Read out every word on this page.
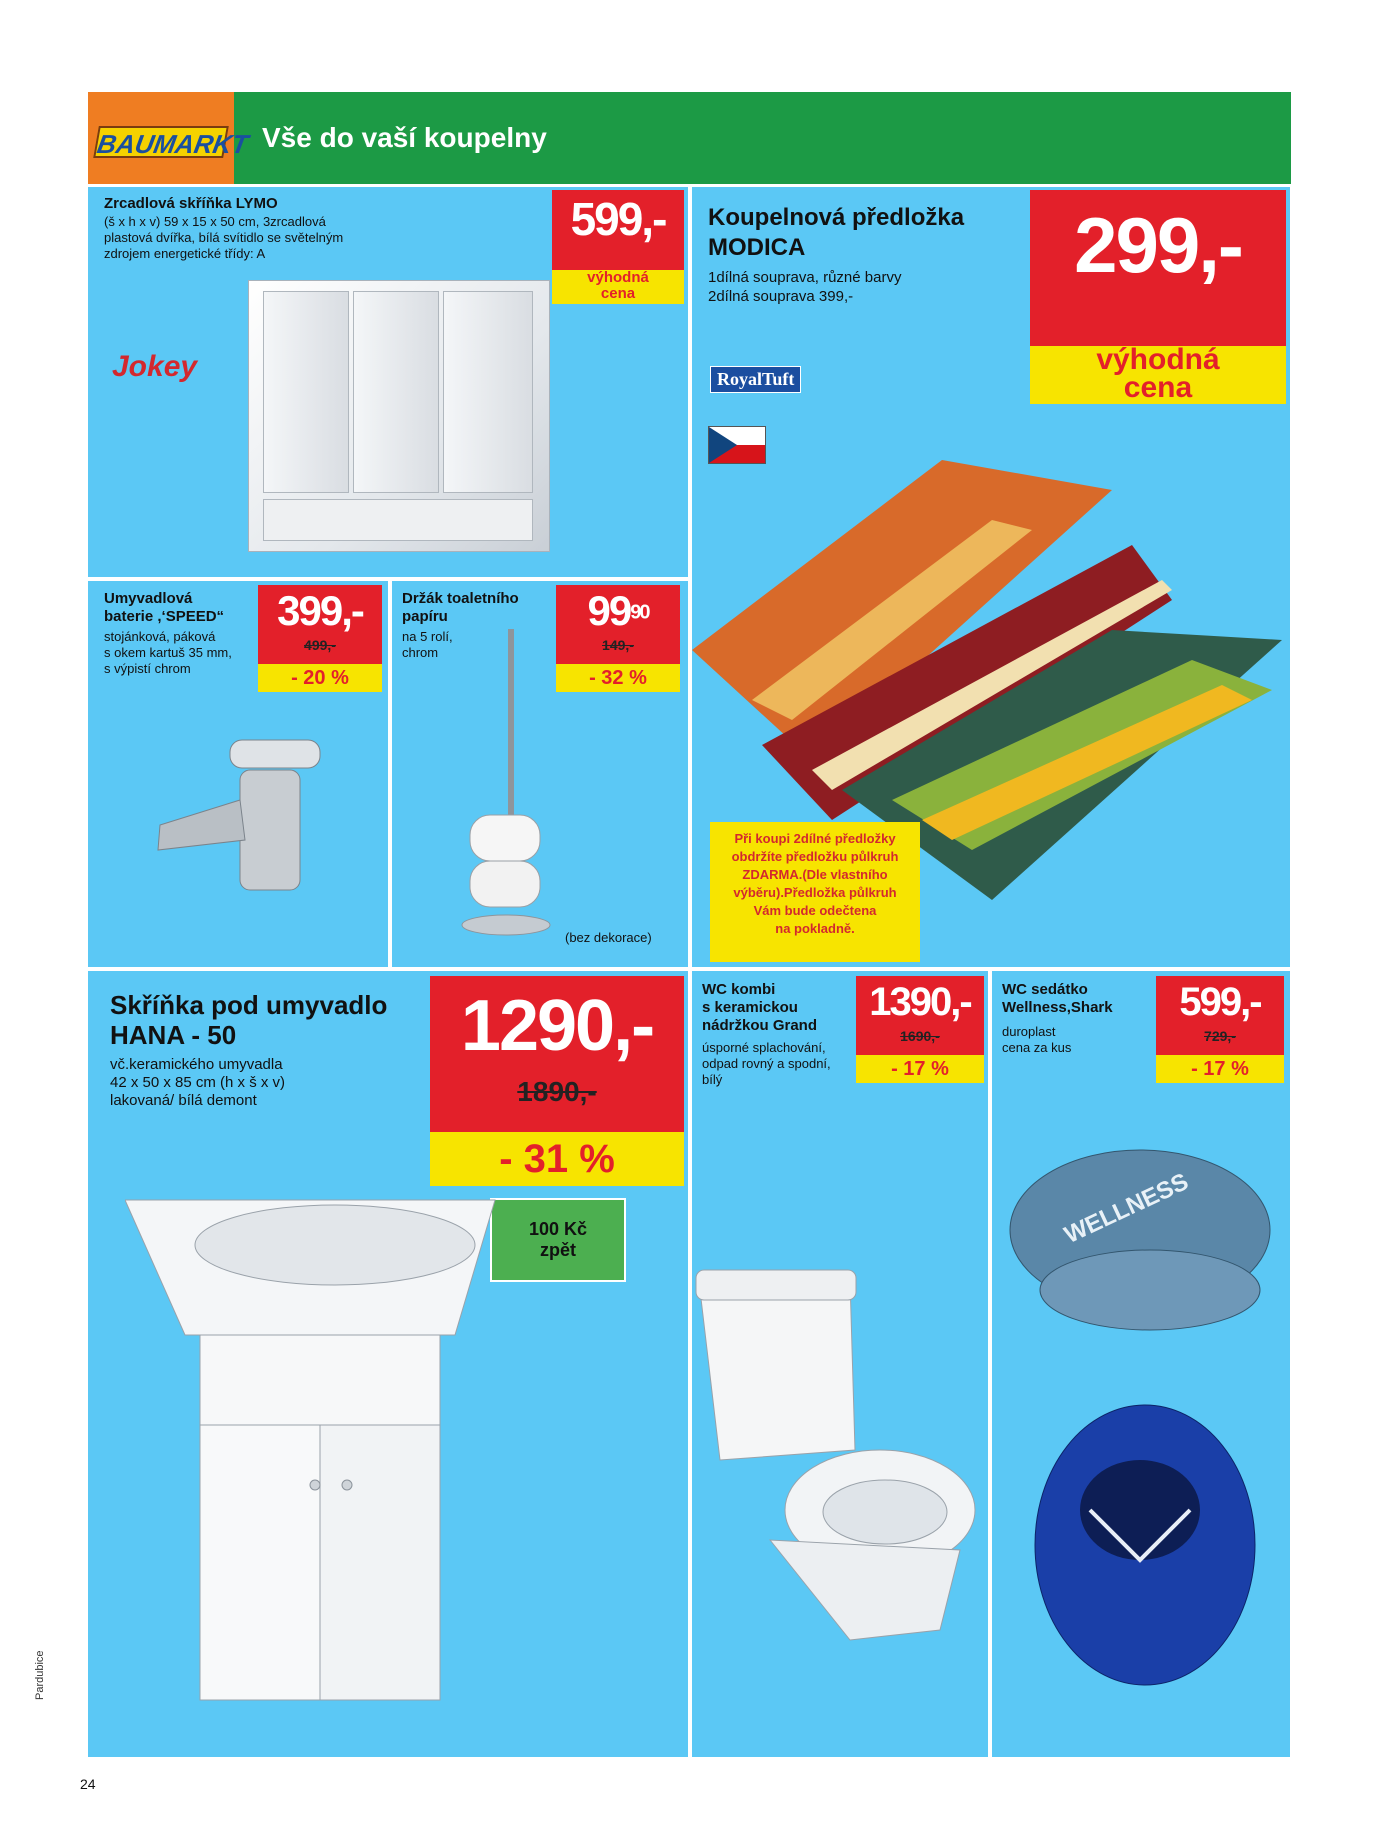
BAUMARKT Vše do vaší koupelny
Zrcadlová skříňka LYMO
(š x h x v) 59 x 15 x 50 cm, 3zrcadlová
plastová dvířka, bílá svítidlo se světelným
zdrojem energetické třídy: A
599,-
výhodná
cena
Jokey
Koupelnová předložka
MODICA
1dílná souprava, různé barvy
2dílná souprava 399,-
299,-
výhodná
cena
RoyalTuft
Při koupi 2dílné předložky
obdržíte předložku půlkruh
ZDARMA.(Dle vlastního
výběru).Předložka půlkruh
Vám bude odečtena
na pokladně.
Umyvadlová
baterie ,‘SPEED“
stojánková, páková
s okem kartuš 35 mm,
s výpistí chrom
399,-
499,-
- 20 %
Držák toaletního
papíru
na 5 rolí,
chrom
$99^{90}$
149,-
- 32 %
(bez dekorace)
Skříňka pod umyvadlo
HANA - 50
vč.keramického umyvadla
42 x 50 x 85 cm (h x š x v)
lakovaná/ bílá demont
1290,-
1890,-
- 31 %
100 Kč
zpět
WC kombi
s keramickou
nádržkou Grand
úsporné splachování,
odpad rovný a spodní,
bílý
1390,-
1690,-
- 17 %
WC sedátko
Wellness,Shark
duroplast
cena za kus
599,-
729,-
- 17 %
WELLNESS
24
Pardubice
